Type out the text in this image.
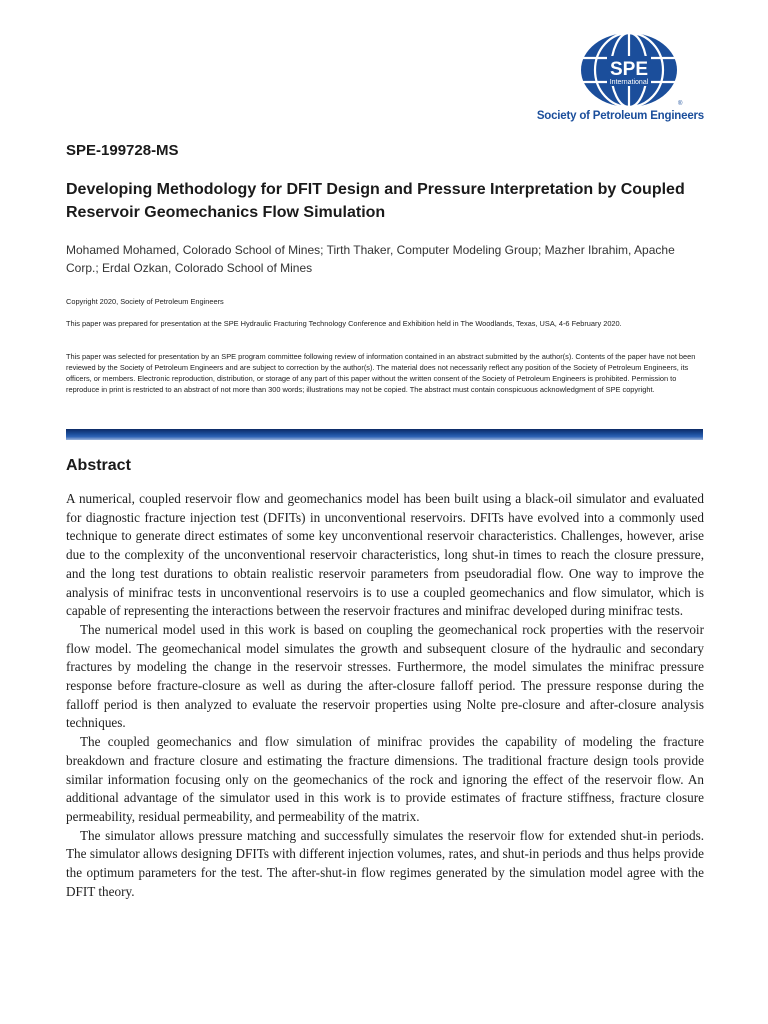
SPE
International
®
Society of Petroleum Engineers
SPE-199728-MS
Developing Methodology for DFIT Design and Pressure Interpretation by Coupled Reservoir Geomechanics Flow Simulation

Mohamed Mohamed, Colorado School of Mines; Tirth Thaker, Computer Modeling Group; Mazher Ibrahim, Apache Corp.; Erdal Ozkan, Colorado School of Mines

Copyright 2020, Society of Petroleum Engineers

This paper was prepared for presentation at the SPE Hydraulic Fracturing Technology Conference and Exhibition held in The Woodlands, Texas, USA, 4-6 February 2020.

This paper was selected for presentation by an SPE program committee following review of information contained in an abstract submitted by the author(s). Contents of the paper have not been reviewed by the Society of Petroleum Engineers and are subject to correction by the author(s). The material does not necessarily reflect any position of the Society of Petroleum Engineers, its officers, or members. Electronic reproduction, distribution, or storage of any part of this paper without the written consent of the Society of Petroleum Engineers is prohibited. Permission to reproduce in print is restricted to an abstract of not more than 300 words; illustrations may not be copied. The abstract must contain conspicuous acknowledgment of SPE copyright.

Abstract

A numerical, coupled reservoir flow and geomechanics model has been built using a black-oil simulator and evaluated for diagnostic fracture injection test (DFITs) in unconventional reservoirs. DFITs have evolved into a commonly used technique to generate direct estimates of some key unconventional reservoir characteristics. Challenges, however, arise due to the complexity of the unconventional reservoir characteristics, long shut-in times to reach the closure pressure, and the long test durations to obtain realistic reservoir parameters from pseudoradial flow. One way to improve the analysis of minifrac tests in unconventional reservoirs is to use a coupled geomechanics and flow simulator, which is capable of representing the interactions between the reservoir fractures and minifrac developed during minifrac tests.

The numerical model used in this work is based on coupling the geomechanical rock properties with the reservoir flow model. The geomechanical model simulates the growth and subsequent closure of the hydraulic and secondary fractures by modeling the change in the reservoir stresses. Furthermore, the model simulates the minifrac pressure response before fracture-closure as well as during the after-closure falloff period. The pressure response during the falloff period is then analyzed to evaluate the reservoir properties using Nolte pre-closure and after-closure analysis techniques.

The coupled geomechanics and flow simulation of minifrac provides the capability of modeling the fracture breakdown and fracture closure and estimating the fracture dimensions. The traditional fracture design tools provide similar information focusing only on the geomechanics of the rock and ignoring the effect of the reservoir flow. An additional advantage of the simulator used in this work is to provide estimates of fracture stiffness, fracture closure permeability, residual permeability, and permeability of the matrix.

The simulator allows pressure matching and successfully simulates the reservoir flow for extended shut-in periods. The simulator allows designing DFITs with different injection volumes, rates, and shut-in periods and thus helps provide the optimum parameters for the test. The after-shut-in flow regimes generated by the simulation model agree with the DFIT theory.
